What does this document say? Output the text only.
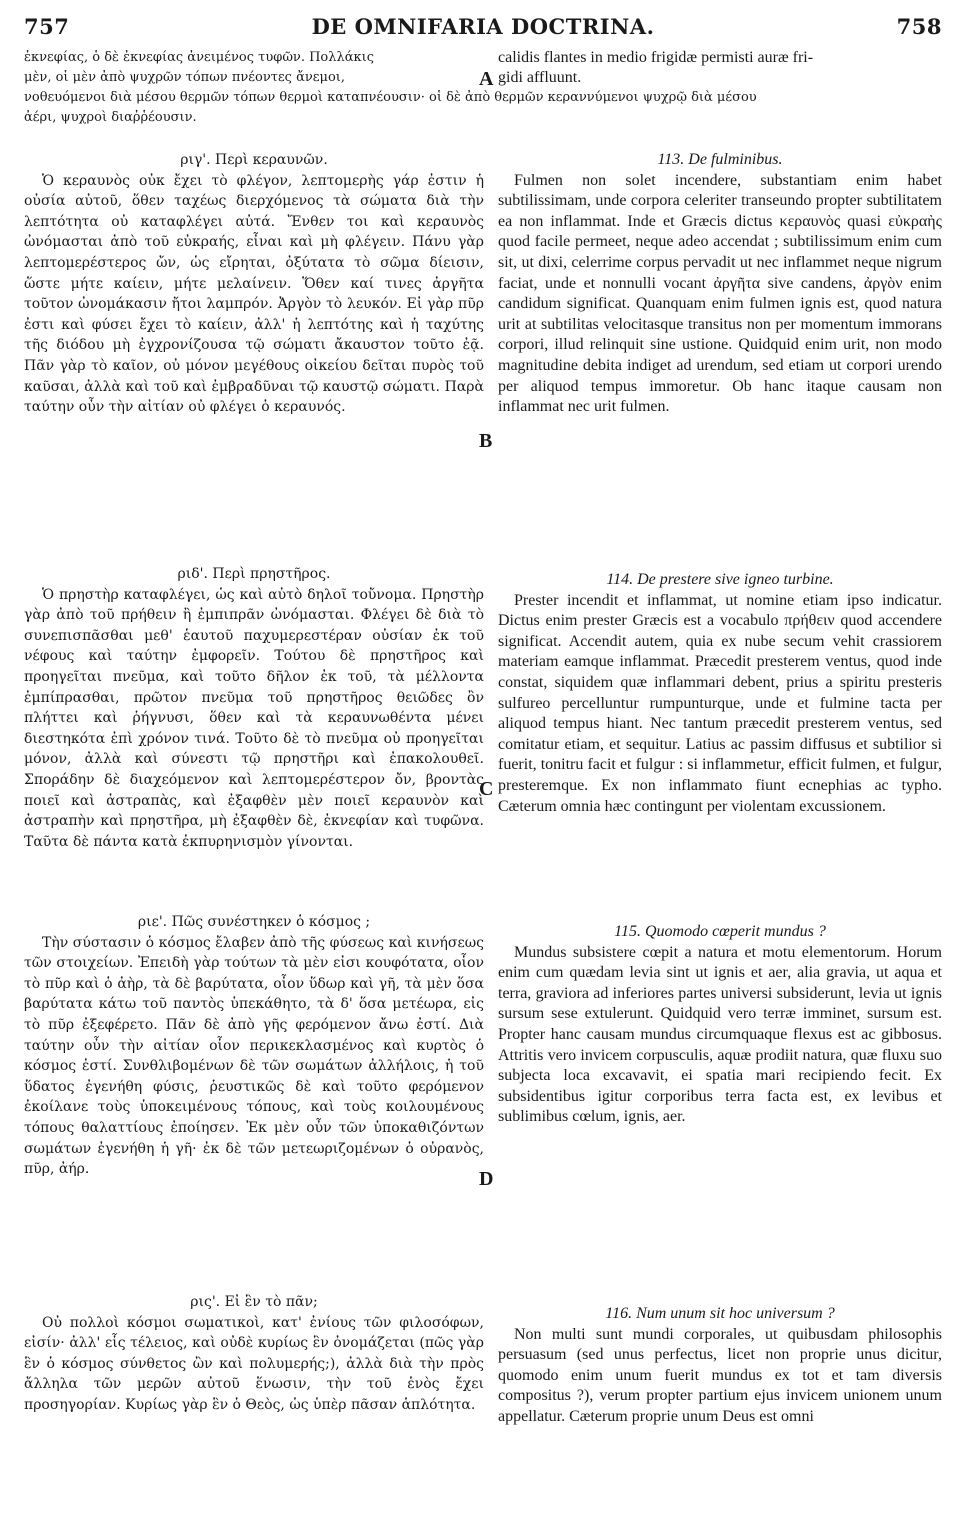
757	DE OMNIFARIA DOCTRINA.	758
ἐκνεφίας, ὁ δὲ ἐκνεφίας ἀνειμένος τυφῶν. Πολλάκις
μὲν, οἱ μὲν ἀπὸ ψυχρῶν τόπων πνέοντες ἄνεμοι,
calidis flantes in medio frigidæ permisti auræ fri-
gidi affluunt.
νοθευόμενοι διὰ μέσου θερμῶν τόπων θερμοὶ καταπνέουσιν· οἱ δὲ ἀπὸ θερμῶν κεραννύμενοι ψυχρῷ διὰ μέσου
ἀέρι, ψυχροὶ διαῤῥέουσιν.
A
B
C
D

ριγ'. Περὶ κεραυνῶν.

Ὁ κεραυνὸς οὐκ ἔχει τὸ φλέγον, λεπτομερὴς γάρ ἐστιν ἡ οὐσία αὐτοῦ, ὅθεν ταχέως διερχόμενος τὰ σώματα διὰ τὴν λεπτότητα οὐ καταφλέγει αὐτά. Ἔνθεν τοι καὶ κεραυνὸς ὠνόμασται ἀπὸ τοῦ εὐκραής, εἶναι καὶ μὴ φλέγειν. Πάνυ γὰρ λεπτομερέστερος ὤν, ὡς εἴρηται, ὀξύτατα τὸ σῶμα δίεισιν, ὥστε μήτε καίειν, μήτε μελαίνειν. Ὅθεν καί τινες ἀργῆτα τοῦτον ὠνομάκασιν ἤτοι λαμπρόν. Ἀργὸν τὸ λευκόν. Εἰ γὰρ πῦρ ἐστι καὶ φύσει ἔχει τὸ καίειν, ἀλλ' ἡ λεπτότης καὶ ἡ ταχύτης τῆς διόδου μὴ ἐγχρονίζουσα τῷ σώματι ἄκαυστον τοῦτο ἐᾷ. Πᾶν γὰρ τὸ καῖον, οὐ μόνον μεγέθους οἰκείου δεῖται πυρὸς τοῦ καῦσαι, ἀλλὰ καὶ τοῦ καὶ ἐμβραδῦναι τῷ καυστῷ σώματι. Παρὰ ταύτην οὖν τὴν αἰτίαν οὐ φλέγει ὁ κεραυνός.

ριδ'. Περὶ πρηστῆρος.

Ὁ πρηστὴρ καταφλέγει, ὡς καὶ αὐτὸ δηλοῖ τοὔνομα. Πρηστὴρ γὰρ ἀπὸ τοῦ πρήθειν ἢ ἐμπιπρᾶν ὠνόμασται. Φλέγει δὲ διὰ τὸ συνεπισπᾶσθαι μεθ' ἑαυτοῦ παχυμερεστέραν οὐσίαν ἐκ τοῦ νέφους καὶ ταύτην ἐμφορεῖν. Τούτου δὲ πρηστῆρος καὶ προηγεῖται πνεῦμα, καὶ τοῦτο δῆλον ἐκ τοῦ, τὰ μέλλοντα ἐμπίπρασθαι, πρῶτον πνεῦμα τοῦ πρηστῆρος θειῶδες ὂν πλήττει καὶ ῥήγνυσι, ὅθεν καὶ τὰ κεραυνωθέντα μένει διεστηκότα ἐπὶ χρόνον τινά. Τοῦτο δὲ τὸ πνεῦμα οὐ προηγεῖται μόνον, ἀλλὰ καὶ σύνεστι τῷ πρηστῆρι καὶ ἐπακολουθεῖ. Σποράδην δὲ διαχεόμενον καὶ λεπτομερέστερον ὄν, βροντὰς ποιεῖ καὶ ἀστραπὰς, καὶ ἐξαφθὲν μὲν ποιεῖ κεραυνὸν καὶ ἀστραπὴν καὶ πρηστῆρα, μὴ ἐξαφθὲν δὲ, ἐκνεφίαν καὶ τυφῶνα. Ταῦτα δὲ πάντα κατὰ ἐκπυρηνισμὸν γίνονται.

ριε'. Πῶς συνέστηκεν ὁ κόσμος ;

Τὴν σύστασιν ὁ κόσμος ἔλαβεν ἀπὸ τῆς φύσεως καὶ κινήσεως τῶν στοιχείων. Ἐπειδὴ γὰρ τούτων τὰ μὲν εἰσι κουφότατα, οἷον τὸ πῦρ καὶ ὁ ἀὴρ, τὰ δὲ βαρύτατα, οἷον ὕδωρ καὶ γῆ, τὰ μὲν ὅσα βαρύτατα κάτω τοῦ παντὸς ὑπεκάθητο, τὰ δ' ὅσα μετέωρα, εἰς τὸ πῦρ ἐξεφέρετο. Πᾶν δὲ ἀπὸ γῆς φερόμενον ἄνω ἐστί. Διὰ ταύτην οὖν τὴν αἰτίαν οἷον περικεκλασμένος καὶ κυρτὸς ὁ κόσμος ἐστί. Συνθλιβομένων δὲ τῶν σωμάτων ἀλλήλοις, ἡ τοῦ ὕδατος ἐγενήθη φύσις, ῥευστικῶς δὲ καὶ τοῦτο φερόμενον ἐκοίλανε τοὺς ὑποκειμένους τόπους, καὶ τοὺς κοιλουμένους τόπους θαλαττίους ἐποίησεν. Ἐκ μὲν οὖν τῶν ὑποκαθιζόντων σωμάτων ἐγενήθη ἡ γῆ· ἐκ δὲ τῶν μετεωριζομένων ὁ οὐρανὸς, πῦρ, ἀήρ.

ρις'. Εἰ ἓν τὸ πᾶν;

Οὐ πολλοὶ κόσμοι σωματικοὶ, κατ' ἐνίους τῶν φιλοσόφων, εἰσίν· ἀλλ' εἷς τέλειος, καὶ οὐδὲ κυρίως ἓν ὀνομάζεται (πῶς γὰρ ἓν ὁ κόσμος σύνθετος ὢν καὶ πολυμερής;), ἀλλὰ διὰ τὴν πρὸς ἄλληλα τῶν μερῶν αὐτοῦ ἕνωσιν, τὴν τοῦ ἑνὸς ἔχει προσηγορίαν. Κυρίως γὰρ ἓν ὁ Θεὸς, ὡς ὑπὲρ πᾶσαν ἁπλότητα.

113. De fulminibus.

Fulmen non solet incendere, substantiam enim habet subtilissimam, unde corpora celeriter transeundo propter subtilitatem ea non inflammat. Inde et Græcis dictus κεραυνὸς quasi εὐκραὴς quod facile permeet, neque adeo accendat ; subtilissimum enim cum sit, ut dixi, celerrime corpus pervadit ut nec inflammet neque nigrum faciat, unde et nonnulli vocant ἀργῆτα sive candens, ἀργὸν enim candidum significat. Quanquam enim fulmen ignis est, quod natura urit at subtilitas velocitasque transitus non per momentum immorans corpori, illud relinquit sine ustione. Quidquid enim urit, non modo magnitudine debita indiget ad urendum, sed etiam ut corpori urendo per aliquod tempus immoretur. Ob hanc itaque causam non inflammat nec urit fulmen.

114. De prestere sive igneo turbine.

Prester incendit et inflammat, ut nomine etiam ipso indicatur. Dictus enim prester Græcis est a vocabulo πρήθειν quod accendere significat. Accendit autem, quia ex nube secum vehit crassiorem materiam eamque inflammat. Præcedit presterem ventus, quod inde constat, siquidem quæ inflammari debent, prius a spiritu presteris sulfureo percelluntur rumpunturque, unde et fulmine tacta per aliquod tempus hiant. Nec tantum præcedit presterem ventus, sed comitatur etiam, et sequitur. Latius ac passim diffusus et subtilior si fuerit, tonitru facit et fulgur : si inflammetur, efficit fulmen, et fulgur, presteremque. Ex non inflammato fiunt ecnephias ac typho. Cæterum omnia hæc contingunt per violentam excussionem.

115. Quomodo cœperit mundus ?

Mundus subsistere cœpit a natura et motu elementorum. Horum enim cum quædam levia sint ut ignis et aer, alia gravia, ut aqua et terra, graviora ad inferiores partes universi subsiderunt, levia ut ignis sursum sese extulerunt. Quidquid vero terræ imminet, sursum est. Propter hanc causam mundus circumquaque flexus est ac gibbosus. Attritis vero invicem corpusculis, aquæ prodiit natura, quæ fluxu suo subjecta loca excavavit, ei spatia mari recipiendo fecit. Ex subsidentibus igitur corporibus terra facta est, ex levibus et sublimibus cœlum, ignis, aer.

116. Num unum sit hoc universum ?

Non multi sunt mundi corporales, ut quibusdam philosophis persuasum (sed unus perfectus, licet non proprie unus dicitur, quomodo enim unum fuerit mundus ex tot et tam diversis compositus ?), verum propter partium ejus invicem unionem unum appellatur. Cæterum proprie unum Deus est omni
